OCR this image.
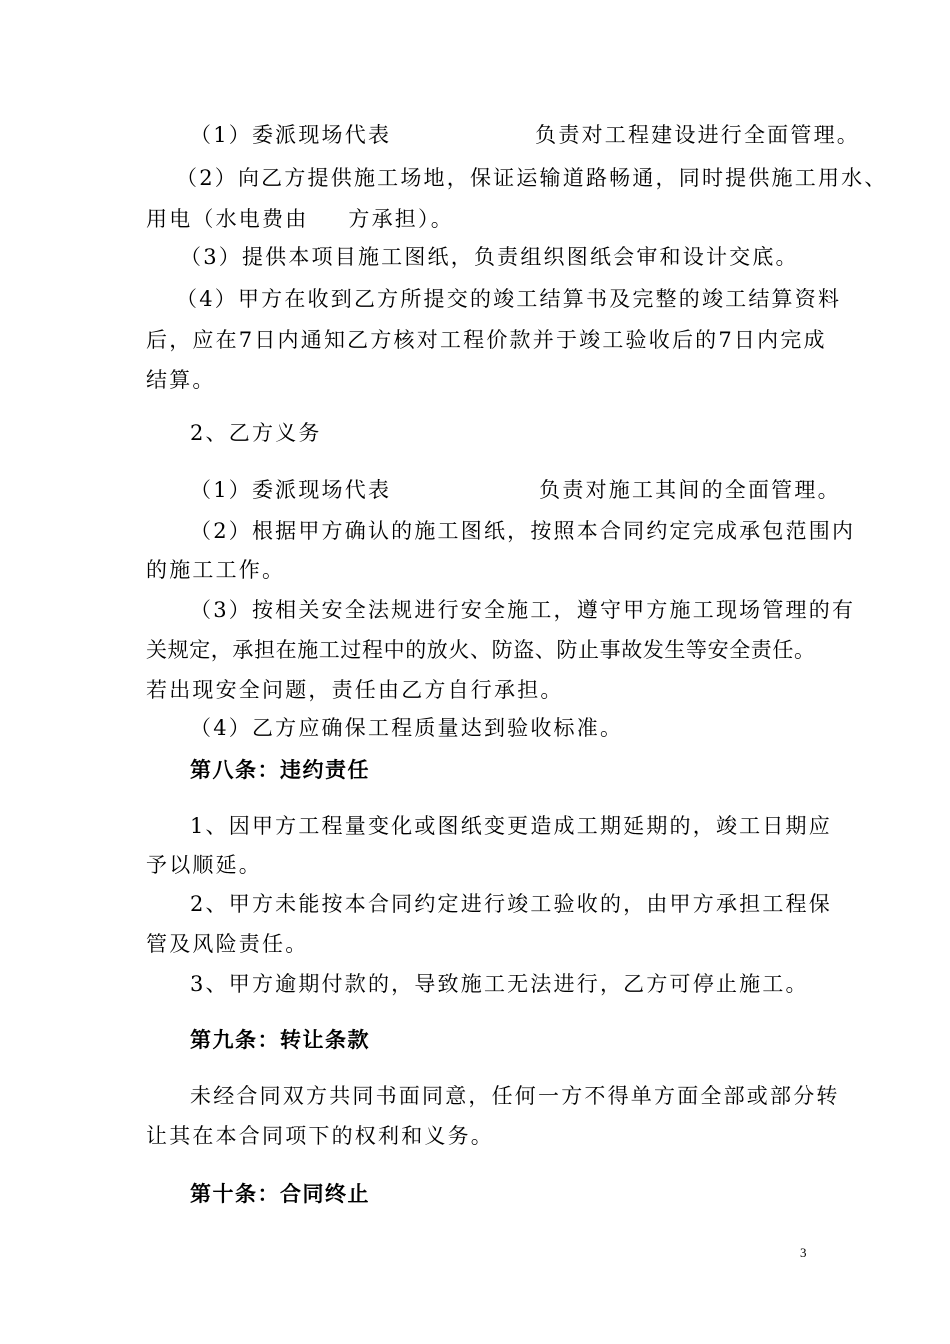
（1）委派现场代表	负责对工程建设进行全面管理。
（2）向乙方提供施工场地，保证运输道路畅通，同时提供施工用水、
用电（水电费由 方承担）。
（3）提供本项目施工图纸，负责组织图纸会审和设计交底。
（4）甲方在收到乙方所提交的竣工结算书及完整的竣工结算资料
后，应在7日内通知乙方核对工程价款并于竣工验收后的7日内完成
结算。
2、乙方义务
（1）委派现场代表	负责对施工其间的全面管理。
（2）根据甲方确认的施工图纸，按照本合同约定完成承包范围内
的施工工作。
（3）按相关安全法规进行安全施工，遵守甲方施工现场管理的有
关规定，承担在施工过程中的放火、防盗、防止事故发生等安全责任。
若出现安全问题，责任由乙方自行承担。
（4）乙方应确保工程质量达到验收标准。
第八条：违约责任
1、因甲方工程量变化或图纸变更造成工期延期的，竣工日期应
予以顺延。
2、甲方未能按本合同约定进行竣工验收的，由甲方承担工程保
管及风险责任。
3、甲方逾期付款的，导致施工无法进行，乙方可停止施工。
第九条：转让条款
未经合同双方共同书面同意，任何一方不得单方面全部或部分转
让其在本合同项下的权利和义务。
第十条：合同终止
3
